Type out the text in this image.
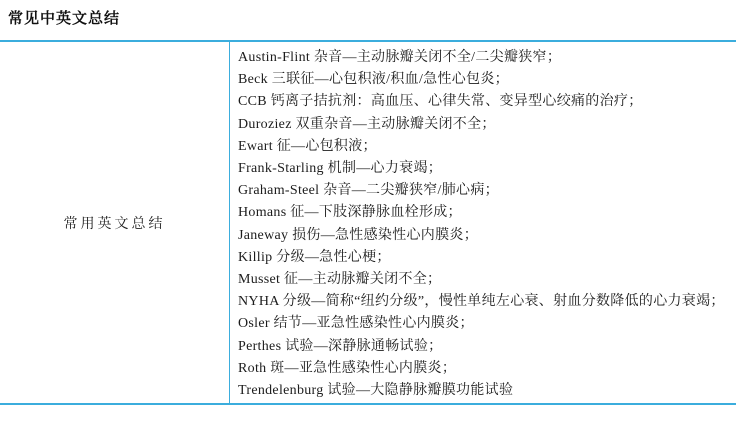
常见中英文总结
常用英文总结
Austin-Flint 杂音—主动脉瓣关闭不全/二尖瓣狭窄；
Beck 三联征—心包积液/积血/急性心包炎；
CCB 钙离子拮抗剂：高血压、心律失常、变异型心绞痛的治疗；
Duroziez 双重杂音—主动脉瓣关闭不全；
Ewart 征—心包积液；
Frank-Starling 机制—心力衰竭；
Graham-Steel 杂音—二尖瓣狭窄/肺心病；
Homans 征—下肢深静脉血栓形成；
Janeway 损伤—急性感染性心内膜炎；
Killip 分级—急性心梗；
Musset 征—主动脉瓣关闭不全；
NYHA 分级—简称“纽约分级”，慢性单纯左心衰、射血分数降低的心力衰竭；
Osler 结节—亚急性感染性心内膜炎；
Perthes 试验—深静脉通畅试验；
Roth 斑—亚急性感染性心内膜炎；
Trendelenburg 试验—大隐静脉瓣膜功能试验
